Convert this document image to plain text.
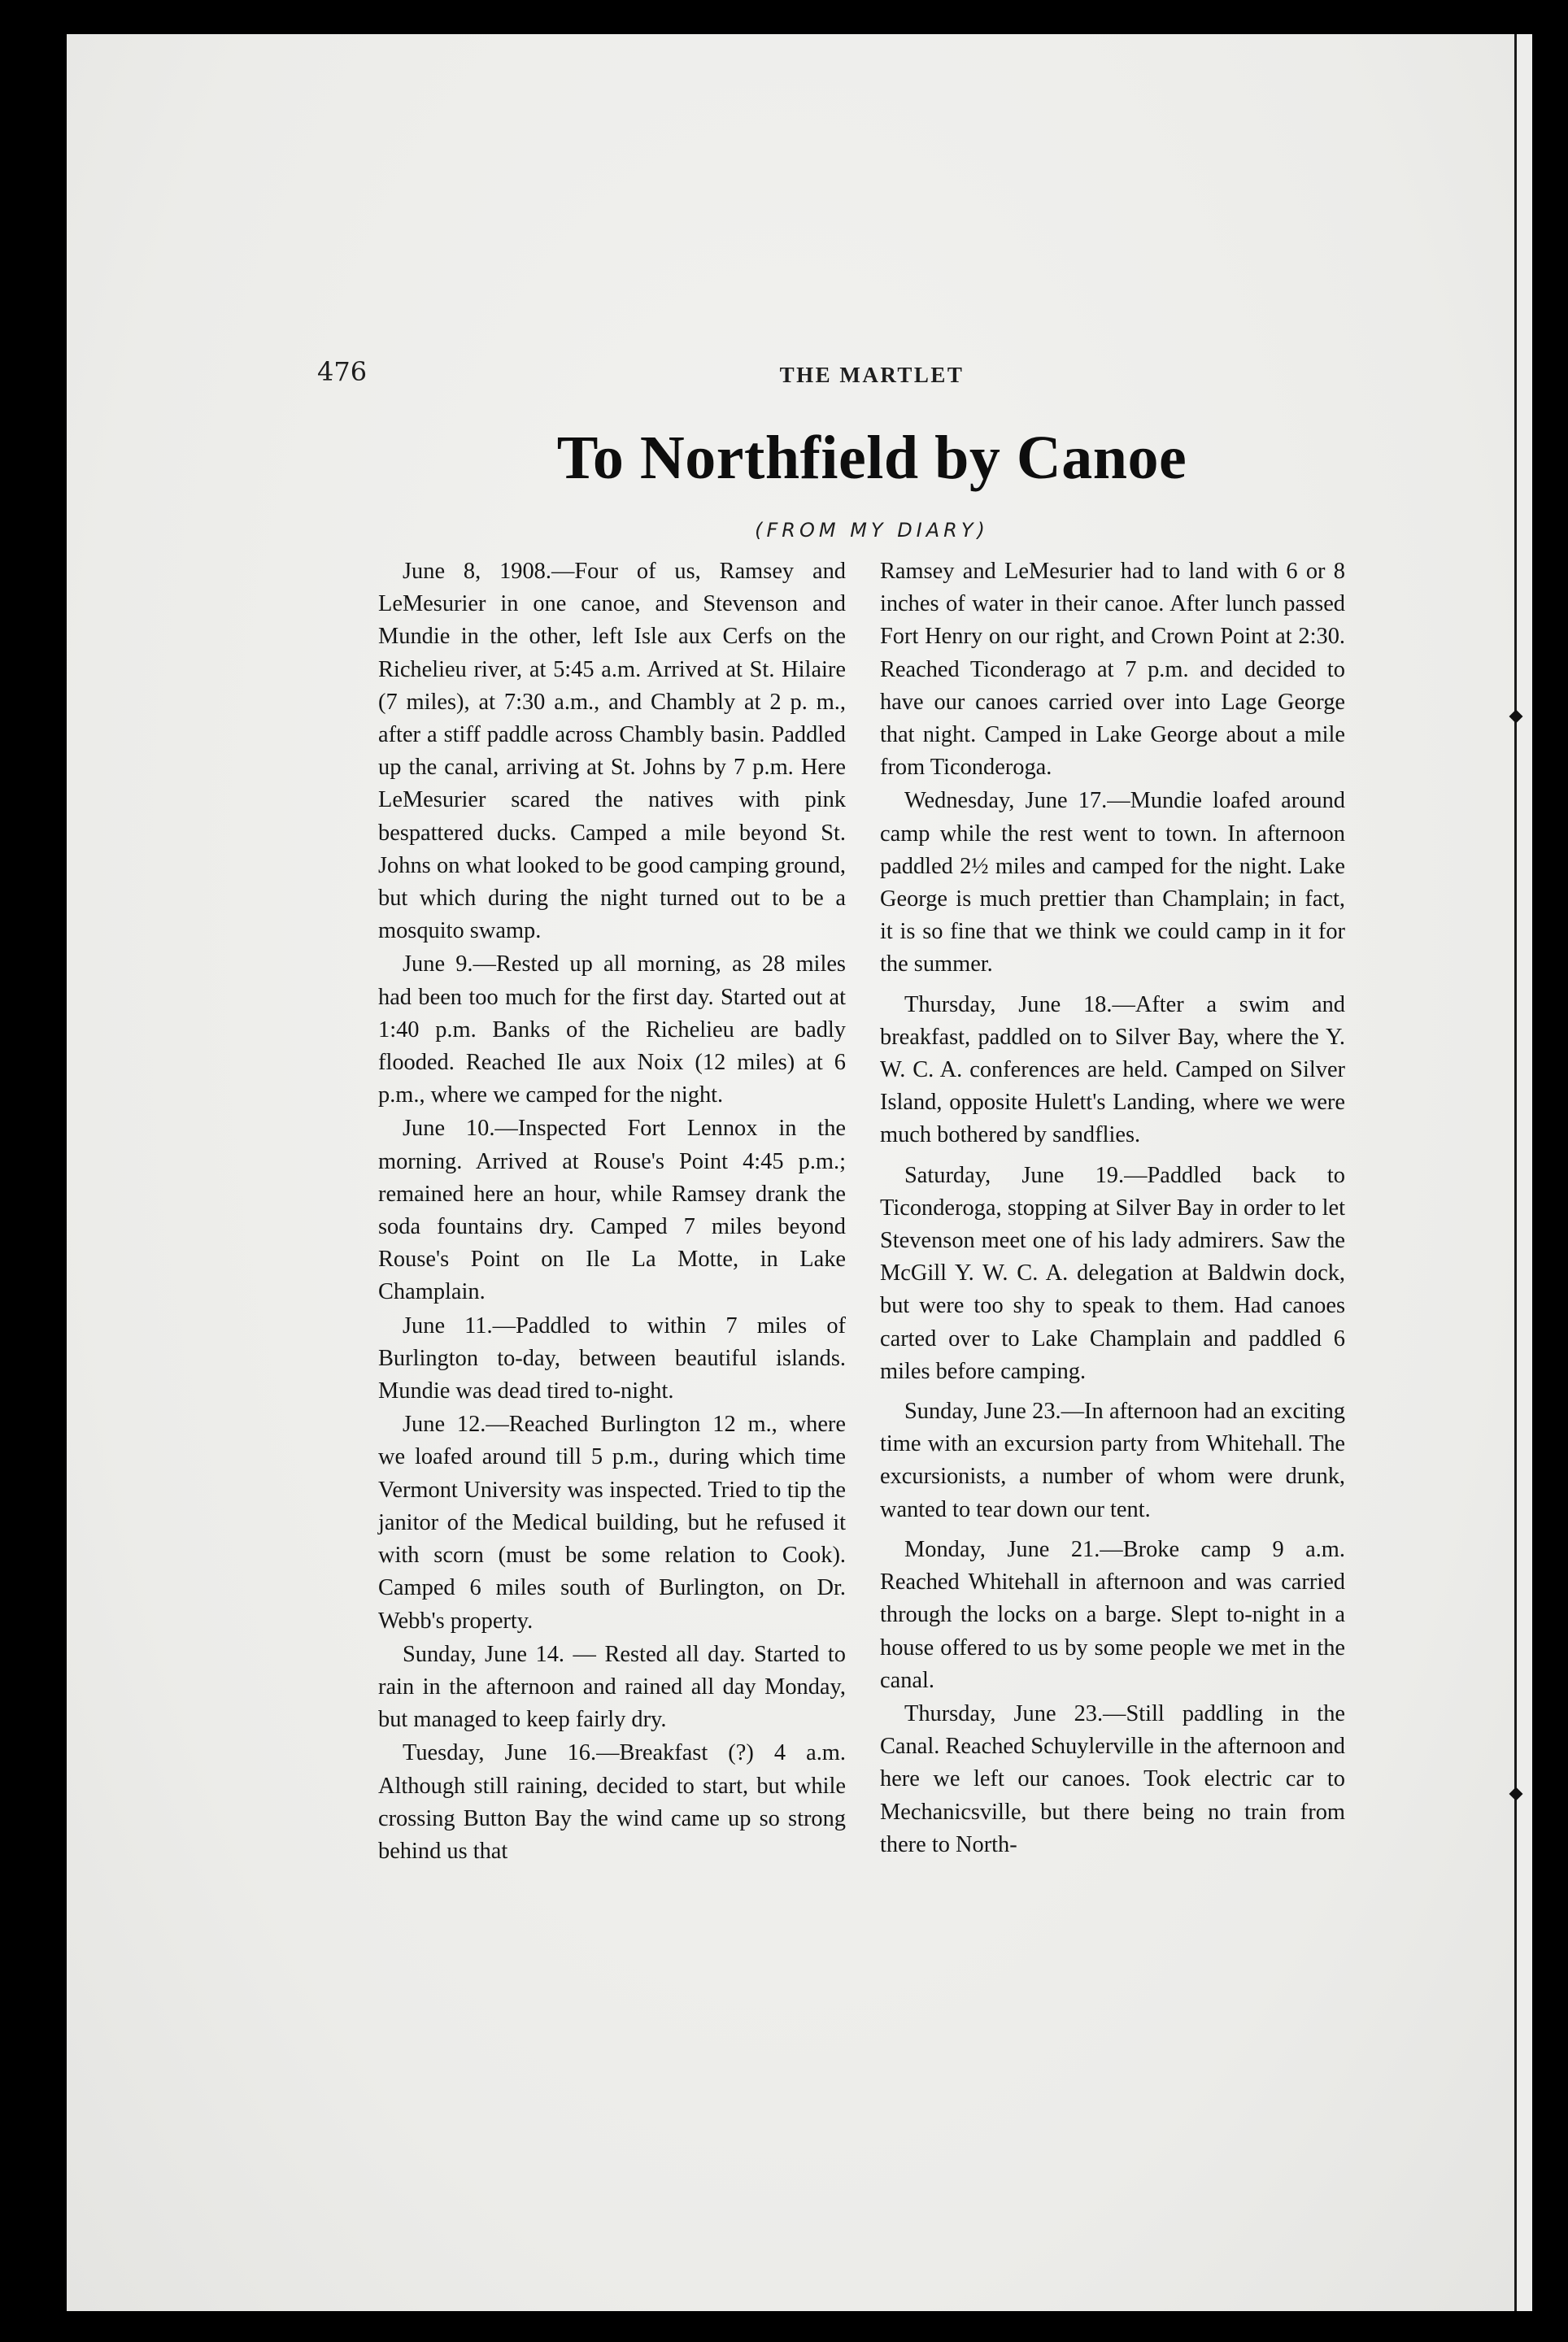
476	THE MARTLET
To Northfield by Canoe
(FROM MY DIARY)

June 8, 1908.—Four of us, Ramsey and LeMesurier in one canoe, and Stevenson and Mundie in the other, left Isle aux Cerfs on the Richelieu river, at 5:45 a.m. Arrived at St. Hilaire (7 miles), at 7:30 a.m., and Chambly at 2 p. m., after a stiff paddle across Chambly basin. Paddled up the canal, arriving at St. Johns by 7 p.m. Here LeMesurier scared the natives with pink bespattered ducks. Camped a mile beyond St. Johns on what looked to be good camping ground, but which during the night turned out to be a mosquito swamp.

June 9.—Rested up all morning, as 28 miles had been too much for the first day. Started out at 1:40 p.m. Banks of the Richelieu are badly flooded. Reached Ile aux Noix (12 miles) at 6 p.m., where we camped for the night.

June 10.—Inspected Fort Lennox in the morning. Arrived at Rouse's Point 4:45 p.m.; remained here an hour, while Ramsey drank the soda fountains dry. Camped 7 miles beyond Rouse's Point on Ile La Motte, in Lake Champlain.

June 11.—Paddled to within 7 miles of Burlington to-day, between beautiful islands. Mundie was dead tired to-night.

June 12.—Reached Burlington 12 m., where we loafed around till 5 p.m., during which time Vermont University was inspected. Tried to tip the janitor of the Medical building, but he refused it with scorn (must be some relation to Cook). Camped 6 miles south of Burlington, on Dr. Webb's property.

Sunday, June 14. — Rested all day. Started to rain in the afternoon and rained all day Monday, but managed to keep fairly dry.

Tuesday, June 16.—Breakfast (?) 4 a.m. Although still raining, decided to start, but while crossing Button Bay the wind came up so strong behind us that

Ramsey and LeMesurier had to land with 6 or 8 inches of water in their canoe. After lunch passed Fort Henry on our right, and Crown Point at 2:30. Reached Ticonderago at 7 p.m. and decided to have our canoes carried over into Lage George that night. Camped in Lake George about a mile from Ticonderoga.

Wednesday, June 17.—Mundie loafed around camp while the rest went to town. In afternoon paddled 2½ miles and camped for the night. Lake George is much prettier than Champlain; in fact, it is so fine that we think we could camp in it for the summer.

Thursday, June 18.—After a swim and breakfast, paddled on to Silver Bay, where the Y. W. C. A. conferences are held. Camped on Silver Island, opposite Hulett's Landing, where we were much bothered by sandflies.

Saturday, June 19.—Paddled back to Ticonderoga, stopping at Silver Bay in order to let Stevenson meet one of his lady admirers. Saw the McGill Y. W. C. A. delegation at Baldwin dock, but were too shy to speak to them. Had canoes carted over to Lake Champlain and paddled 6 miles before camping.

Sunday, June 23.—In afternoon had an exciting time with an excursion party from Whitehall. The excursionists, a number of whom were drunk, wanted to tear down our tent.

Monday, June 21.—Broke camp 9 a.m. Reached Whitehall in afternoon and was carried through the locks on a barge. Slept to-night in a house offered to us by some people we met in the canal.

Thursday, June 23.—Still paddling in the Canal. Reached Schuylerville in the afternoon and here we left our canoes. Took electric car to Mechanicsville, but there being no train from there to North-
